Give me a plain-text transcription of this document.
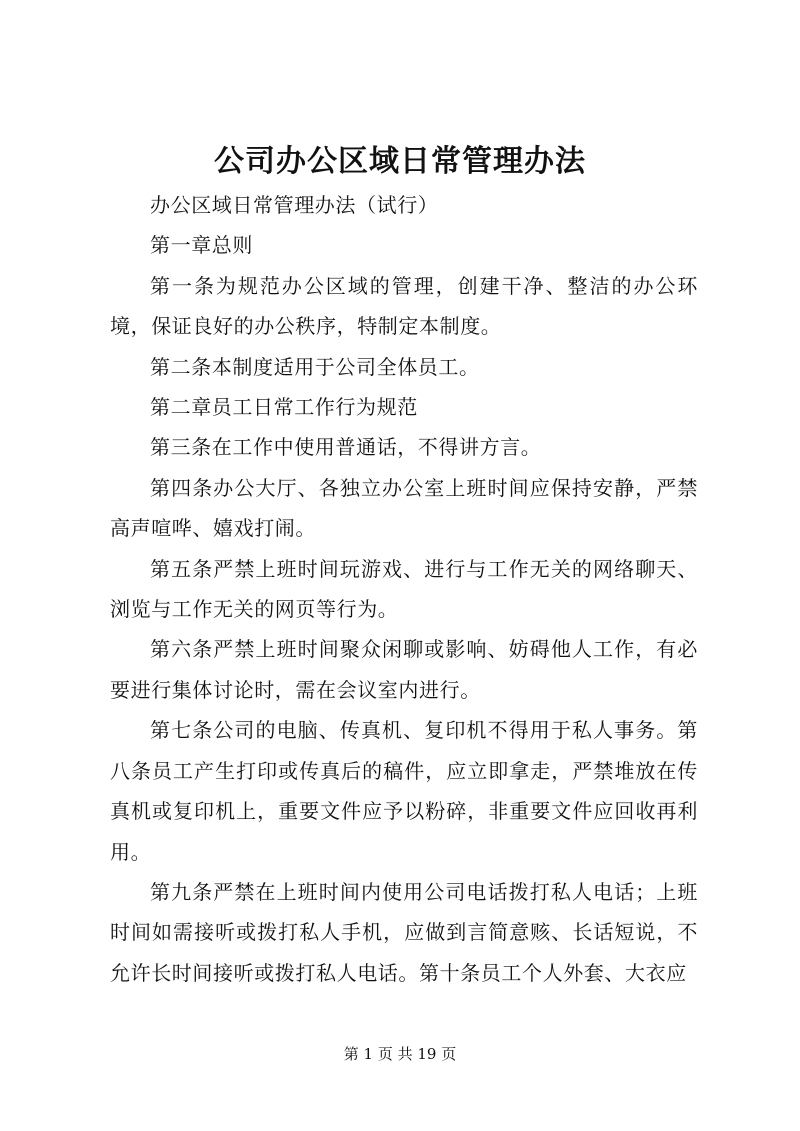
公司办公区域日常管理办法

办公区域日常管理办法（试行）

第一章总则

第一条为规范办公区域的管理，创建干净、整洁的办公环境，保证良好的办公秩序，特制定本制度。

第二条本制度适用于公司全体员工。

第二章员工日常工作行为规范

第三条在工作中使用普通话，不得讲方言。

第四条办公大厅、各独立办公室上班时间应保持安静，严禁高声喧哗、嬉戏打闹。

第五条严禁上班时间玩游戏、进行与工作无关的网络聊天、浏览与工作无关的网页等行为。

第六条严禁上班时间聚众闲聊或影响、妨碍他人工作，有必要进行集体讨论时，需在会议室内进行。

第七条公司的电脑、传真机、复印机不得用于私人事务。第八条员工产生打印或传真后的稿件，应立即拿走，严禁堆放在传真机或复印机上，重要文件应予以粉碎，非重要文件应回收再利用。

第九条严禁在上班时间内使用公司电话拨打私人电话；上班时间如需接听或拨打私人手机，应做到言简意赅、长话短说，不允许长时间接听或拨打私人电话。第十条员工个人外套、大衣应

第 1 页 共 19 页
